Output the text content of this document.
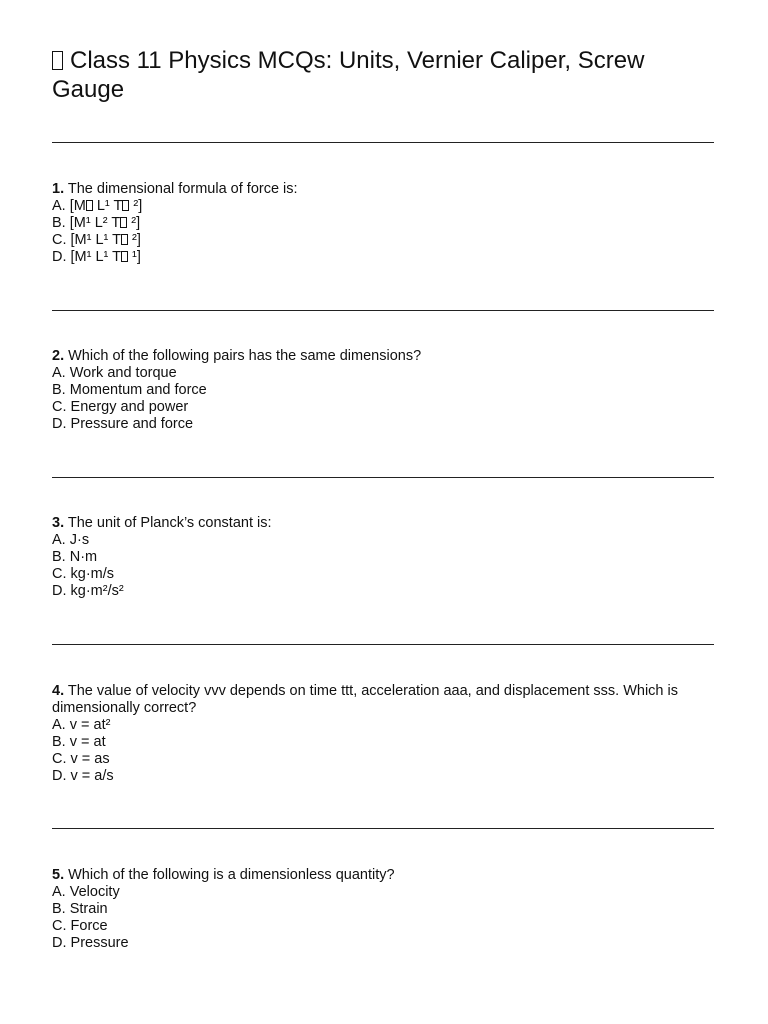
Class 11 Physics MCQs: Units, Vernier Caliper, Screw Gauge
1. The dimensional formula of force is:
A. [M L¹ T ²]
B. [M¹ L² T ²]
C. [M¹ L¹ T ²]
D. [M¹ L¹ T ¹]
2. Which of the following pairs has the same dimensions?
A. Work and torque
B. Momentum and force
C. Energy and power
D. Pressure and force
3. The unit of Planck’s constant is:
A. J·s
B. N·m
C. kg·m/s
D. kg·m²/s²
4. The value of velocity vvv depends on time ttt, acceleration aaa, and displacement sss. Which is dimensionally correct?
A. v = at²
B. v = at
C. v = as
D. v = a/s
5. Which of the following is a dimensionless quantity?
A. Velocity
B. Strain
C. Force
D. Pressure
